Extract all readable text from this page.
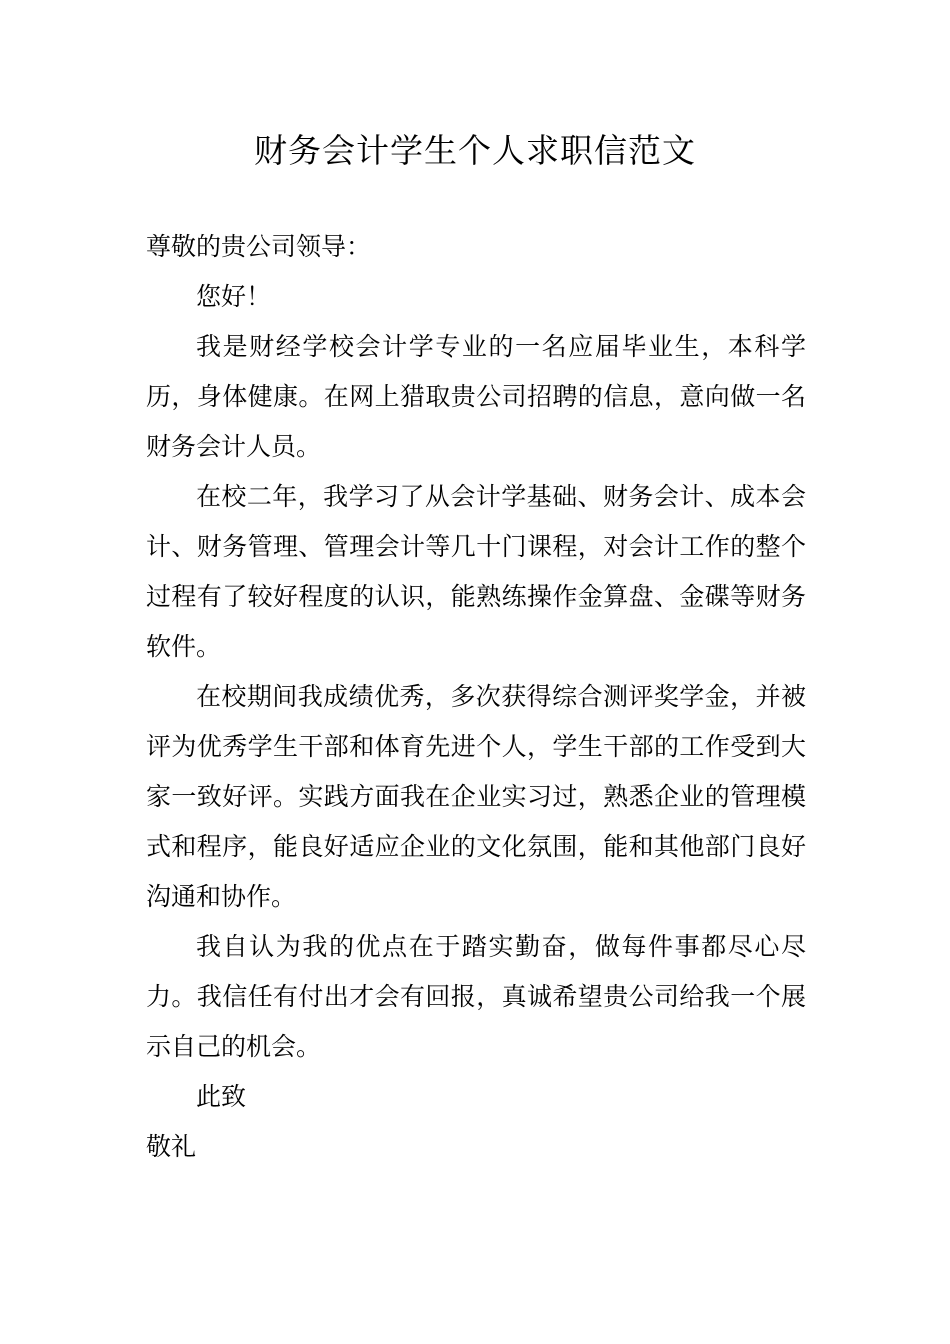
财务会计学生个人求职信范文

尊敬的贵公司领导：

您好！

我是财经学校会计学专业的一名应届毕业生，本科学历，身体健康。在网上猎取贵公司招聘的信息，意向做一名财务会计人员。

在校二年，我学习了从会计学基础、财务会计、成本会计、财务管理、管理会计等几十门课程，对会计工作的整个过程有了较好程度的认识，能熟练操作金算盘、金碟等财务软件。

在校期间我成绩优秀，多次获得综合测评奖学金，并被评为优秀学生干部和体育先进个人，学生干部的工作受到大家一致好评。实践方面我在企业实习过，熟悉企业的管理模式和程序，能良好适应企业的文化氛围，能和其他部门良好沟通和协作。

我自认为我的优点在于踏实勤奋，做每件事都尽心尽力。我信任有付出才会有回报，真诚希望贵公司给我一个展示自己的机会。

此致

敬礼
